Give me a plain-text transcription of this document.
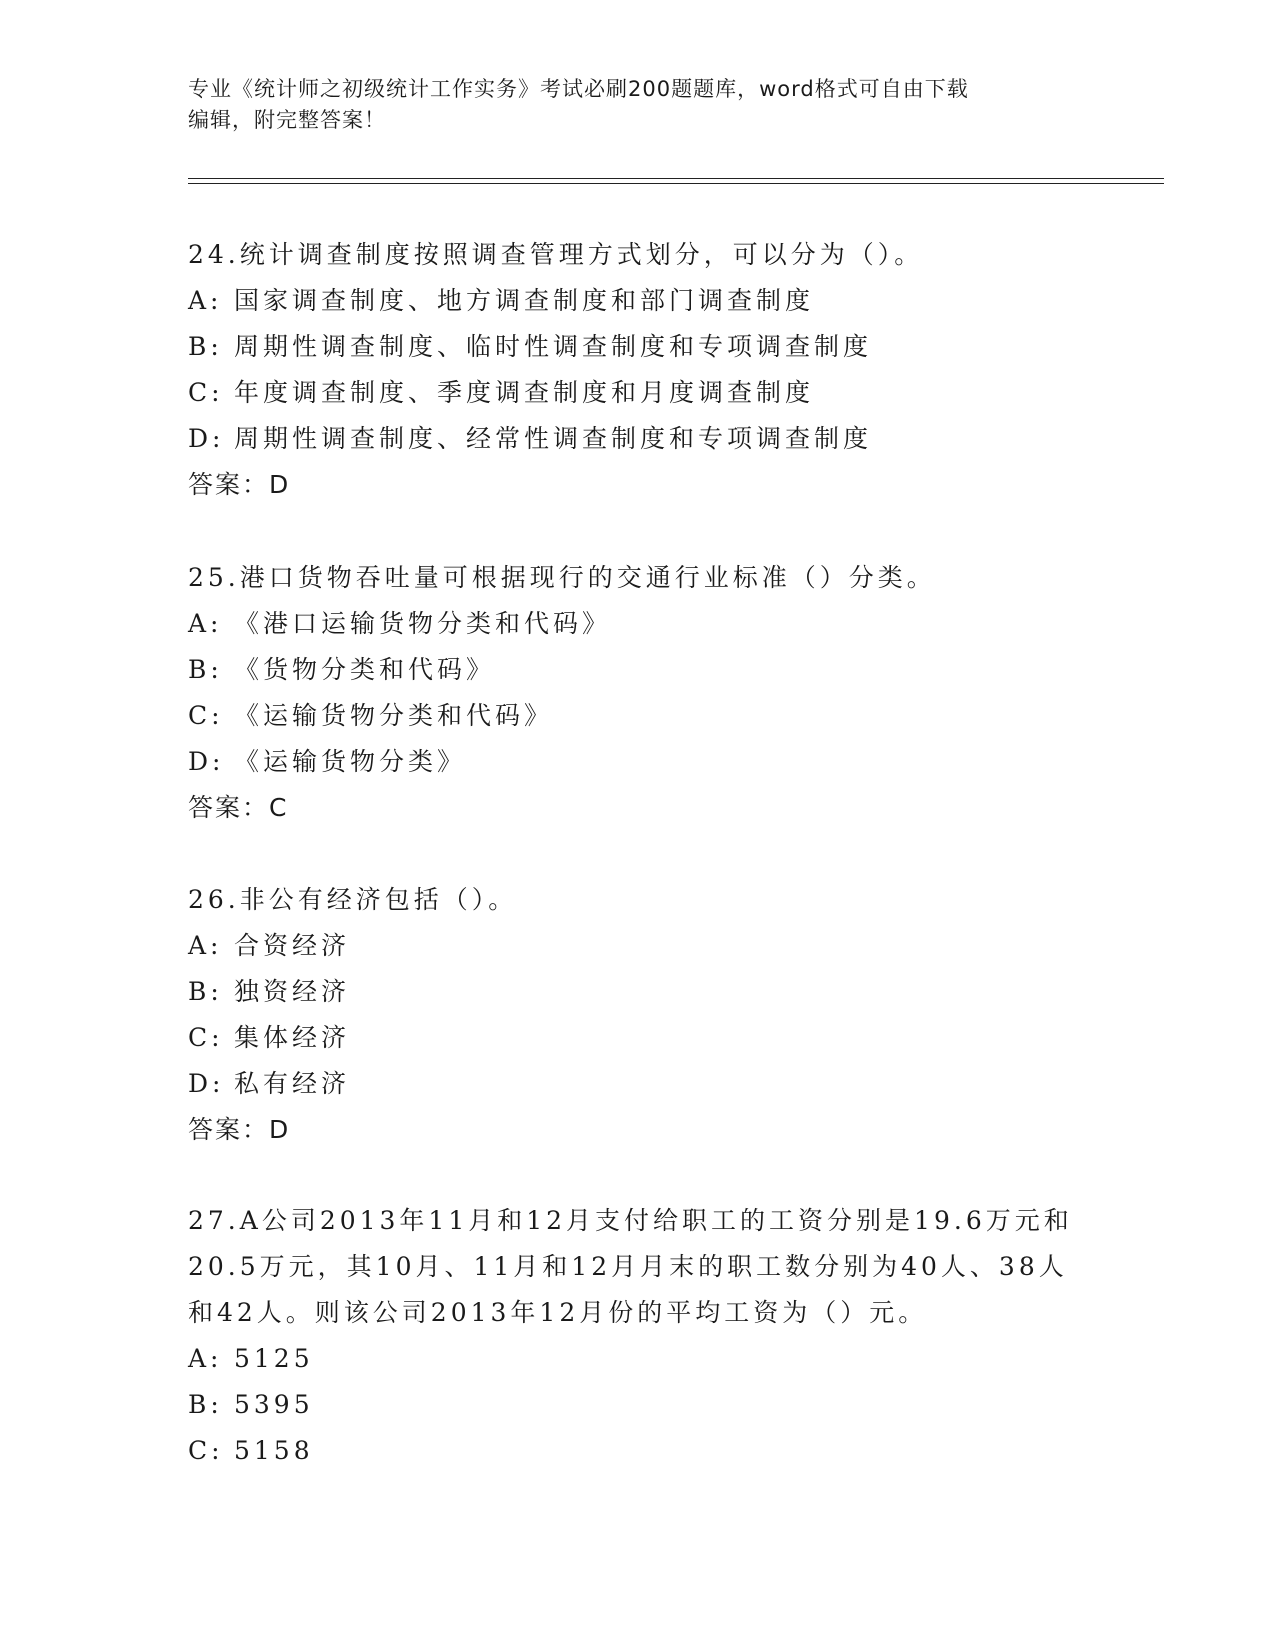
专业《统计师之初级统计工作实务》考试必刷200题题库，word格式可自由下载
编辑，附完整答案！
24.统计调查制度按照调查管理方式划分，可以分为（）。
A: 国家调查制度、地方调查制度和部门调查制度
B: 周期性调查制度、临时性调查制度和专项调查制度
C: 年度调查制度、季度调查制度和月度调查制度
D: 周期性调查制度、经常性调查制度和专项调查制度
答案：D
25.港口货物吞吐量可根据现行的交通行业标准（）分类。
A: 《港口运输货物分类和代码》
B: 《货物分类和代码》
C: 《运输货物分类和代码》
D: 《运输货物分类》
答案：C
26.非公有经济包括（）。
A: 合资经济
B: 独资经济
C: 集体经济
D: 私有经济
答案：D
27.A公司2013年11月和12月支付给职工的工资分别是19.6万元和
20.5万元，其10月、11月和12月月末的职工数分别为40人、38人
和42人。则该公司2013年12月份的平均工资为（）元。
A: 5125
B: 5395
C: 5158
